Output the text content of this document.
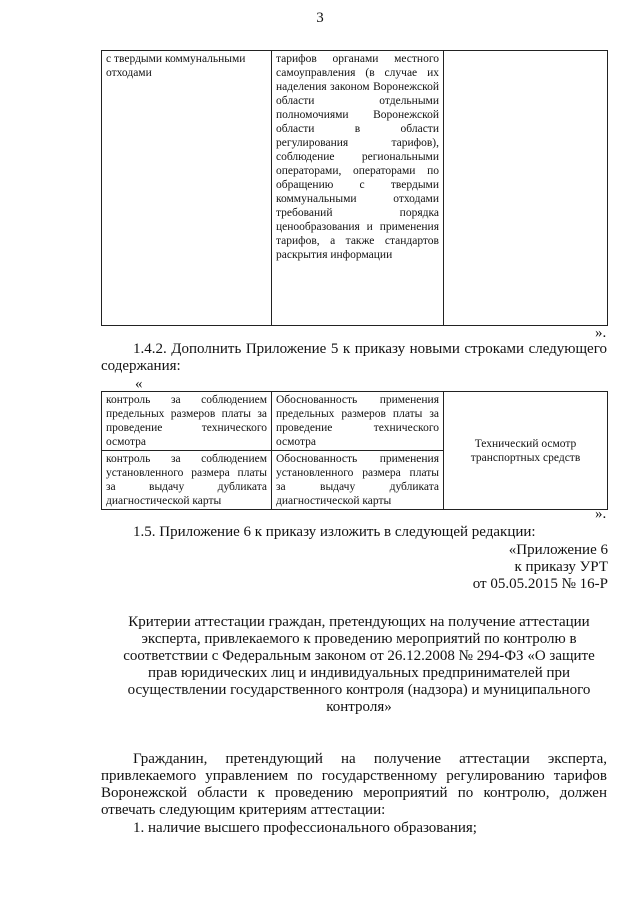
3
с твердыми коммунальными отходами	тарифов органами местного самоуправления (в случае их наделения законом Воронежской области отдельными полномочиями Воронежской области в области регулирования тарифов), соблюдение региональными операторами, операторами по обращению с твердыми коммунальными отходами требований порядка ценообразования и применения тарифов, а также стандартов раскрытия информации	
».
1.4.2. Дополнить Приложение 5 к приказу новыми строками следующего содержания:
«
контроль за соблюдением предельных размеров платы за проведение технического осмотра	Обоснованность применения предельных размеров платы за проведение технического осмотра	Технический осмотр транспортных средств
контроль за соблюдением установленного размера платы за выдачу дубликата диагностической карты	Обоснованность применения установленного размера платы за выдачу дубликата диагностической карты	
».
1.5. Приложение 6 к приказу изложить в следующей редакции:
«Приложение 6
к приказу УРТ
от 05.05.2015 № 16-Р
Критерии аттестации граждан, претендующих на получение аттестации эксперта, привлекаемого к проведению мероприятий по контролю в соответствии с Федеральным законом от 26.12.2008 № 294-ФЗ «О защите прав юридических лиц и индивидуальных предпринимателей при осуществлении государственного контроля (надзора) и муниципального контроля»
Гражданин, претендующий на получение аттестации эксперта, привлекаемого управлением по государственному регулированию тарифов Воронежской области к проведению мероприятий по контролю, должен отвечать следующим критериям аттестации:
1. наличие высшего профессионального образования;
